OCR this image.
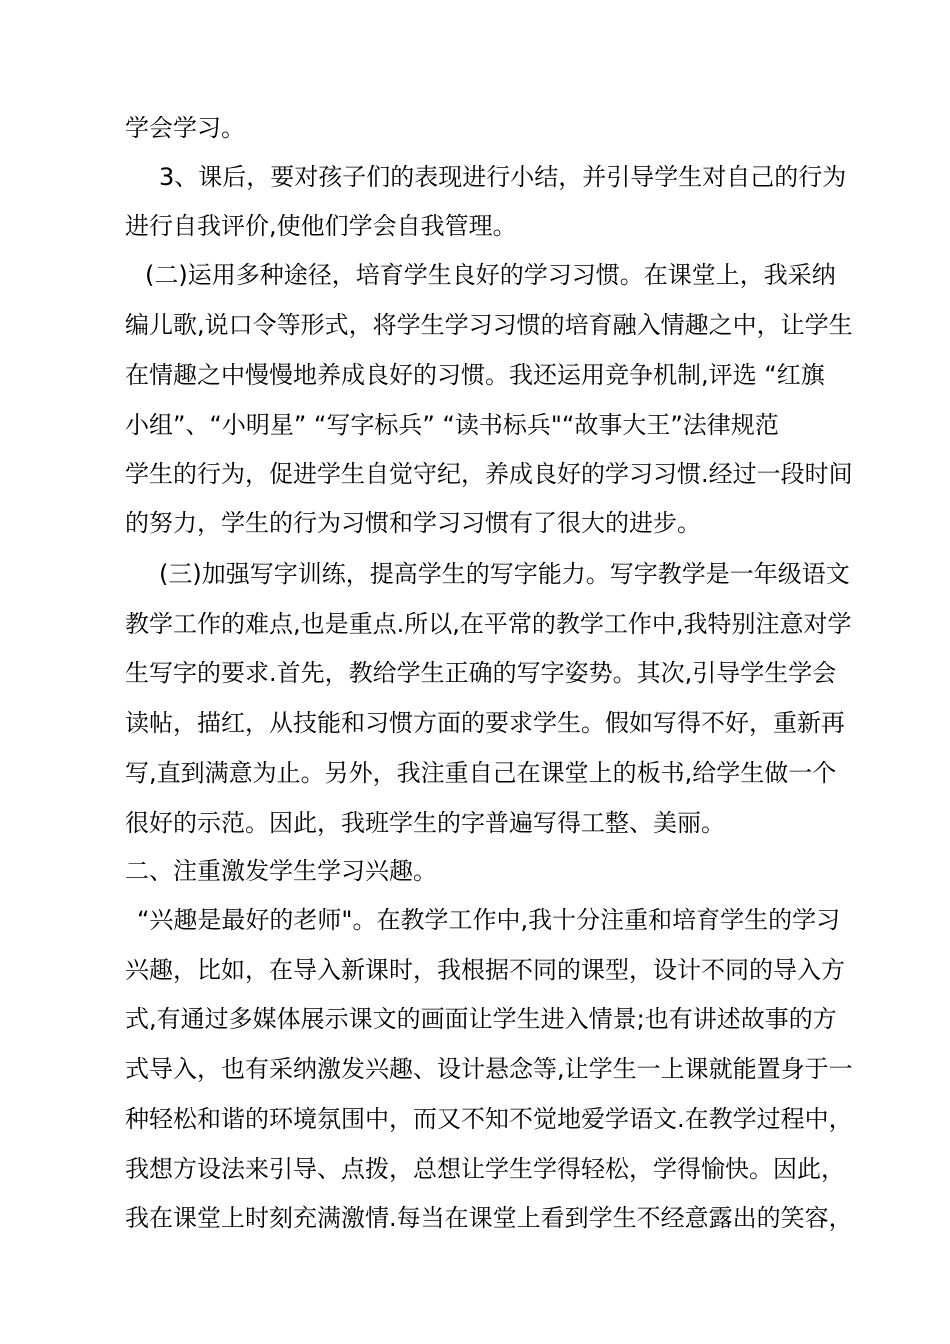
学会学习。
3、课后，要对孩子们的表现进行小结，并引导学生对自己的行为
进行自我评价,使他们学会自我管理。
(二)运用多种途径，培育学生良好的学习习惯。在课堂上，我采纳
编儿歌,说口令等形式，将学生学习习惯的培育融入情趣之中，让学生
在情趣之中慢慢地养成良好的习惯。我还运用竞争机制,评选 “红旗
小组”、“小明星” “写字标兵” “读书标兵"“故事大王”法律规范
学生的行为，促进学生自觉守纪，养成良好的学习习惯.经过一段时间
的努力，学生的行为习惯和学习习惯有了很大的进步。
(三)加强写字训练，提高学生的写字能力。写字教学是一年级语文
教学工作的难点,也是重点.所以,在平常的教学工作中,我特别注意对学
生写字的要求.首先，教给学生正确的写字姿势。其次,引导学生学会
读帖，描红，从技能和习惯方面的要求学生。假如写得不好，重新再
写,直到满意为止。另外，我注重自己在课堂上的板书,给学生做一个
很好的示范。因此，我班学生的字普遍写得工整、美丽。
二、注重激发学生学习兴趣。
“兴趣是最好的老师"。在教学工作中,我十分注重和培育学生的学习
兴趣，比如，在导入新课时，我根据不同的课型，设计不同的导入方
式,有通过多媒体展示课文的画面让学生进入情景;也有讲述故事的方
式导入，也有采纳激发兴趣、设计悬念等,让学生一上课就能置身于一
种轻松和谐的环境氛围中，而又不知不觉地爱学语文.在教学过程中，
我想方设法来引导、点拨，总想让学生学得轻松，学得愉快。因此，
我在课堂上时刻充满激情.每当在课堂上看到学生不经意露出的笑容，
